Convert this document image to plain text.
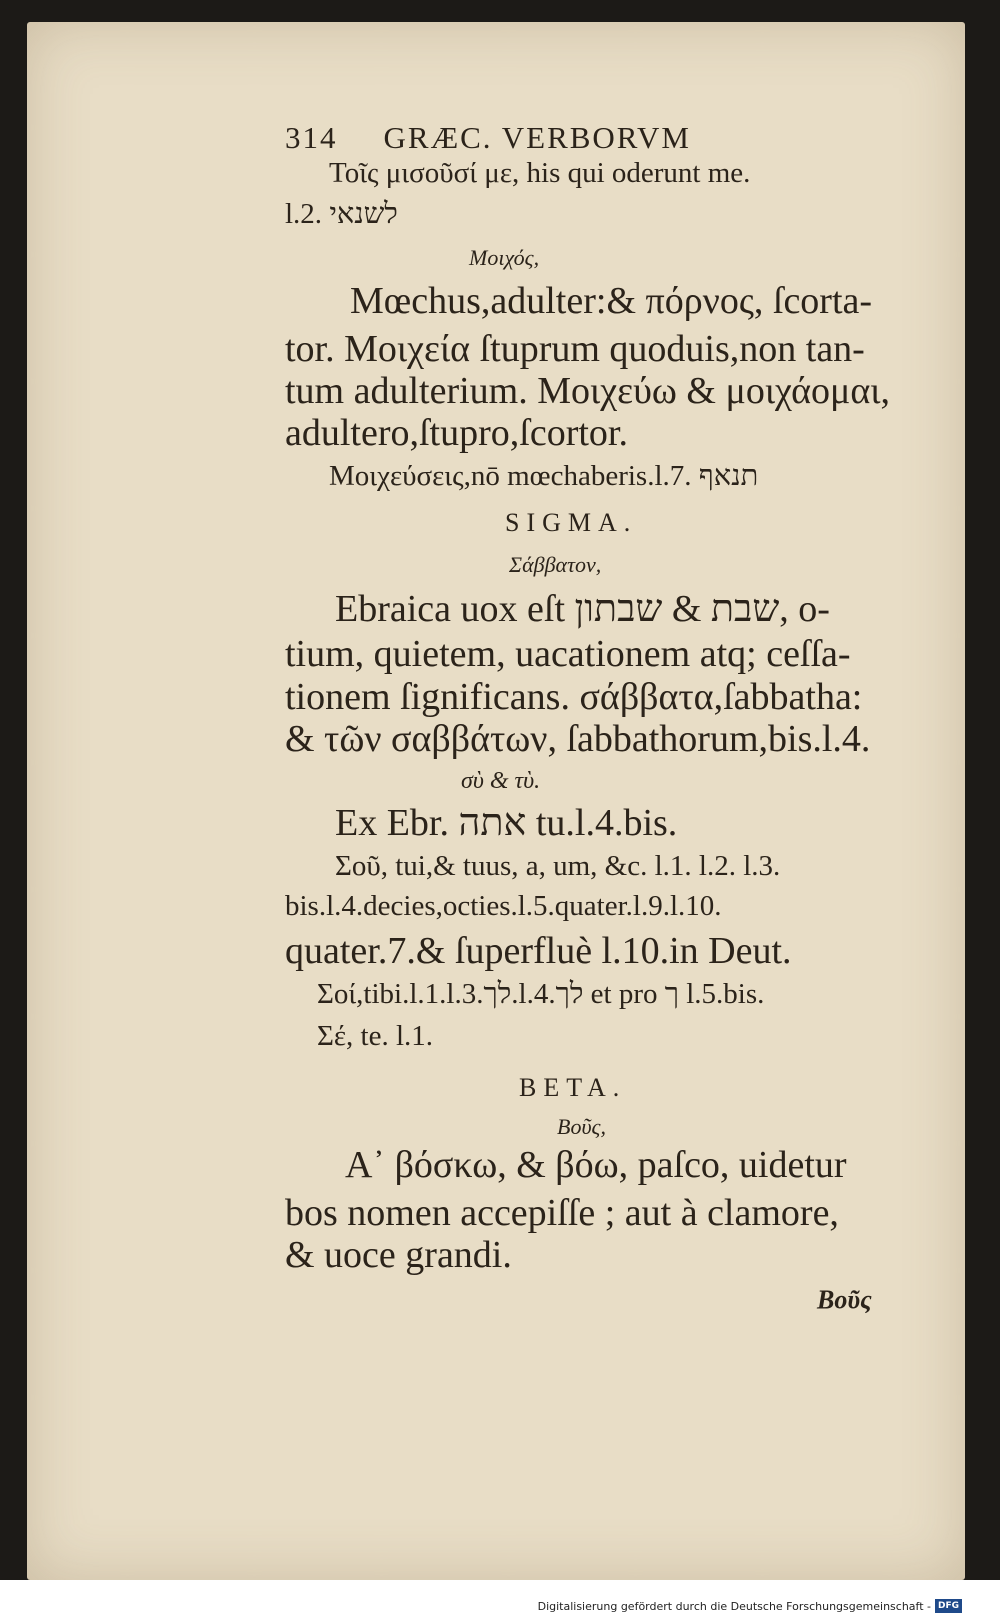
314 GRÆC. VERBORVM
Τοῖς μισοῦσί με, his qui oderunt me.
l.2. לשנאי
Μοιχός,
Mœchus,adulter:& πόρνος, ſcorta-
tor. Μοιχεία ſtuprum quoduis,non tan-
tum adulterium. Μοιχεύω & μοιχάομαι,
adultero,ſtupro,ſcortor.
Μοιχεύσεις,nō mœchaberis.l.7. תנאף
SIGMA.
Σάββατον,
Ebraica uox eſt שבת & שבתון, o-
tium, quietem, uacationem atq; ceſſa-
tionem ſignificans. σάββατα,ſabbatha:
& τῶν σαββάτων, ſabbathorum,bis.l.4.
σὺ & τὺ.
Ex Ebr. אתה tu.l.4.bis.
Σοῦ, tui,& tuus, a, um, &c. l.1. l.2. l.3.
bis.l.4.decies,octies.l.5.quater.l.9.l.10.
quater.7.& ſuperfluè l.10.in Deut.
Σοί,tibi.l.1.l.3.לך.l.4.לך et pro ך l.5.bis.
Σέ, te. l.1.
BETA.
Βοῦς,
Α᾽ βόσκω, & βόω, paſco, uidetur
bos nomen accepiſſe ; aut à clamore,
& uoce grandi.
Βοῦς
Digitalisierung gefördert durch die Deutsche Forschungsgemeinschaft - DFG
